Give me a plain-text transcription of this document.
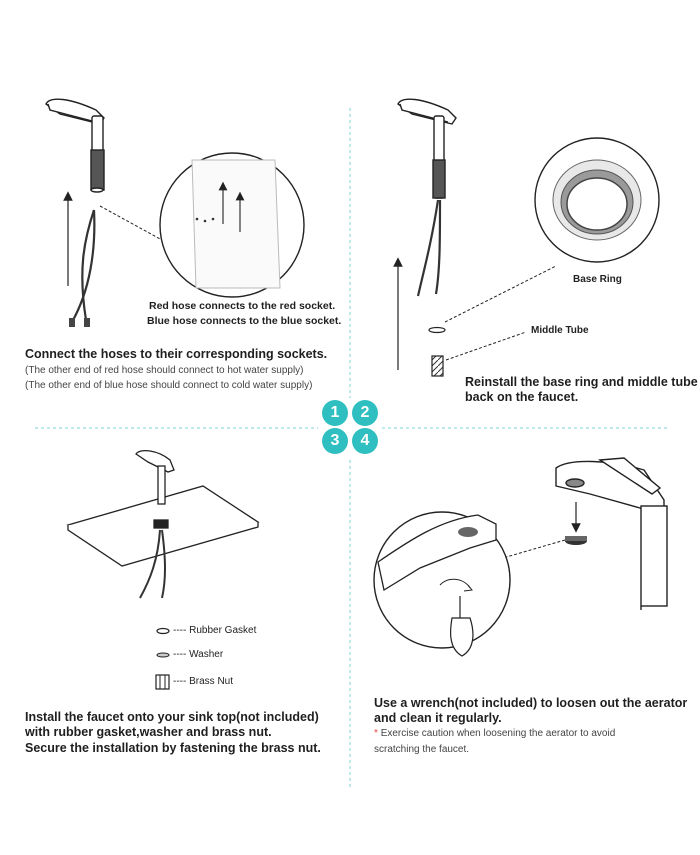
Red hose connects to the red socket.
Blue hose connects to the blue socket.
Connect the hoses to their corresponding sockets.
(The other end of red hose should connect to hot water supply)
(The other end of blue hose should connect to cold water supply)
Base Ring
Middle Tube
Reinstall the base ring and middle tube
back on the faucet.
1	2
3	4
---- Rubber Gasket
---- Washer
---- Brass Nut
Install the faucet onto your sink top(not included)
with rubber gasket,washer and brass nut.
Secure the installation by fastening the brass nut.
Use a wrench(not included) to loosen out the aerator
and clean it regularly.
* Exercise caution when loosening the aerator to avoid
scratching the faucet.
